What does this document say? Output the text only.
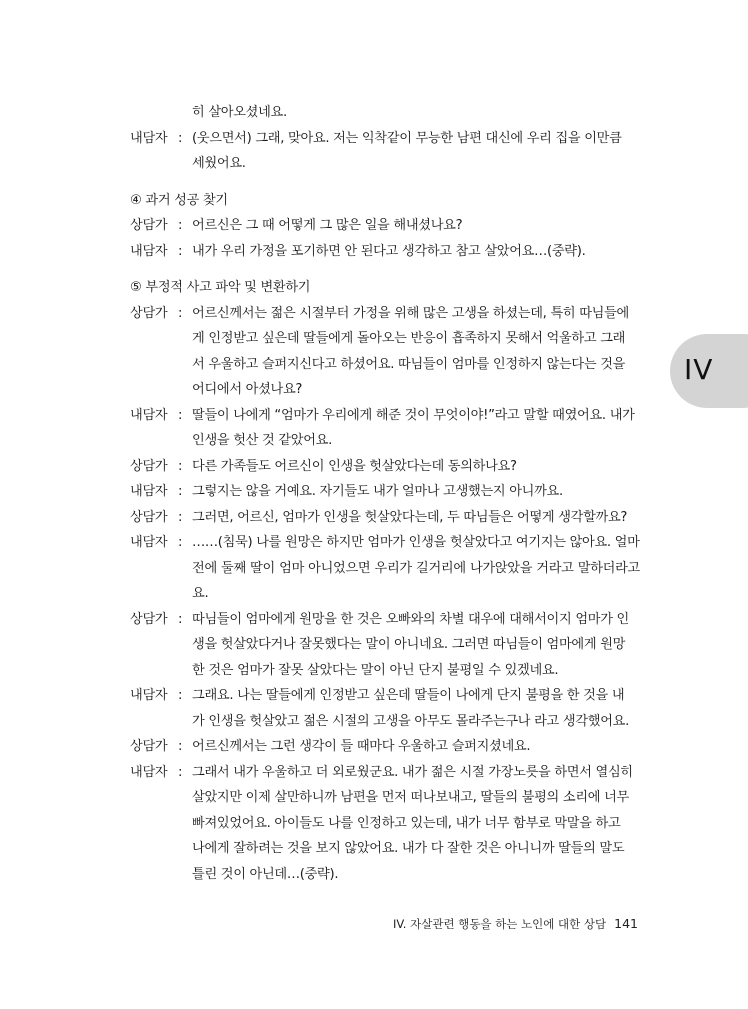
히 살아오셨네요.
내담자 : (웃으면서) 그래, 맞아요. 저는 익착같이 무능한 남편 대신에 우리 집을 이만큼
세웠어요.
④ 과거 성공 찾기
상담가 : 어르신은 그 때 어떻게 그 많은 일을 해내셨나요?
내담자 : 내가 우리 가정을 포기하면 안 된다고 생각하고 참고 살았어요…(중략).
⑤ 부정적 사고 파악 및 변환하기
상담가 : 어르신께서는 젊은 시절부터 가정을 위해 많은 고생을 하셨는데, 특히 따님들에
게 인정받고 싶은데 딸들에게 돌아오는 반응이 흡족하지 못해서 억울하고 그래
서 우울하고 슬퍼지신다고 하셨어요. 따님들이 엄마를 인정하지 않는다는 것을
어디에서 아셨나요?
내담자 : 딸들이 나에게 “엄마가 우리에게 해준 것이 무엇이야!”라고 말할 때였어요. 내가
인생을 헛산 것 같았어요.
상담가 : 다른 가족들도 어르신이 인생을 헛살았다는데 동의하나요?
내담자 : 그렇지는 않을 거예요. 자기들도 내가 얼마나 고생했는지 아니까요.
상담가 : 그러면, 어르신, 엄마가 인생을 헛살았다는데, 두 따님들은 어떻게 생각할까요?
내담자 : ……(침묵) 나를 원망은 하지만 엄마가 인생을 헛살았다고 여기지는 않아요. 얼마
전에 둘째 딸이 엄마 아니었으면 우리가 길거리에 나가앉았을 거라고 말하더라고요.
상담가 : 따님들이 엄마에게 원망을 한 것은 오빠와의 차별 대우에 대해서이지 엄마가 인
생을 헛살았다거나 잘못했다는 말이 아니네요. 그러면 따님들이 엄마에게 원망
한 것은 엄마가 잘못 살았다는 말이 아닌 단지 불평일 수 있겠네요.
내담자 : 그래요. 나는 딸들에게 인정받고 싶은데 딸들이 나에게 단지 불평을 한 것을 내
가 인생을 헛살았고 젊은 시절의 고생을 아무도 몰라주는구나 라고 생각했어요.
상담가 : 어르신께서는 그런 생각이 들 때마다 우울하고 슬퍼지셨네요.
내담자 : 그래서 내가 우울하고 더 외로웠군요. 내가 젊은 시절 가장노릇을 하면서 열심히
살았지만 이제 살만하니까 남편을 먼저 떠나보내고, 딸들의 불평의 소리에 너무
빠져있었어요. 아이들도 나를 인정하고 있는데, 내가 너무 함부로 막말을 하고
나에게 잘하려는 것을 보지 않았어요. 내가 다 잘한 것은 아니니까 딸들의 말도
틀린 것이 아닌데…(중략).
IV
IV. 자살관련 행동을 하는 노인에 대한 상담 141
